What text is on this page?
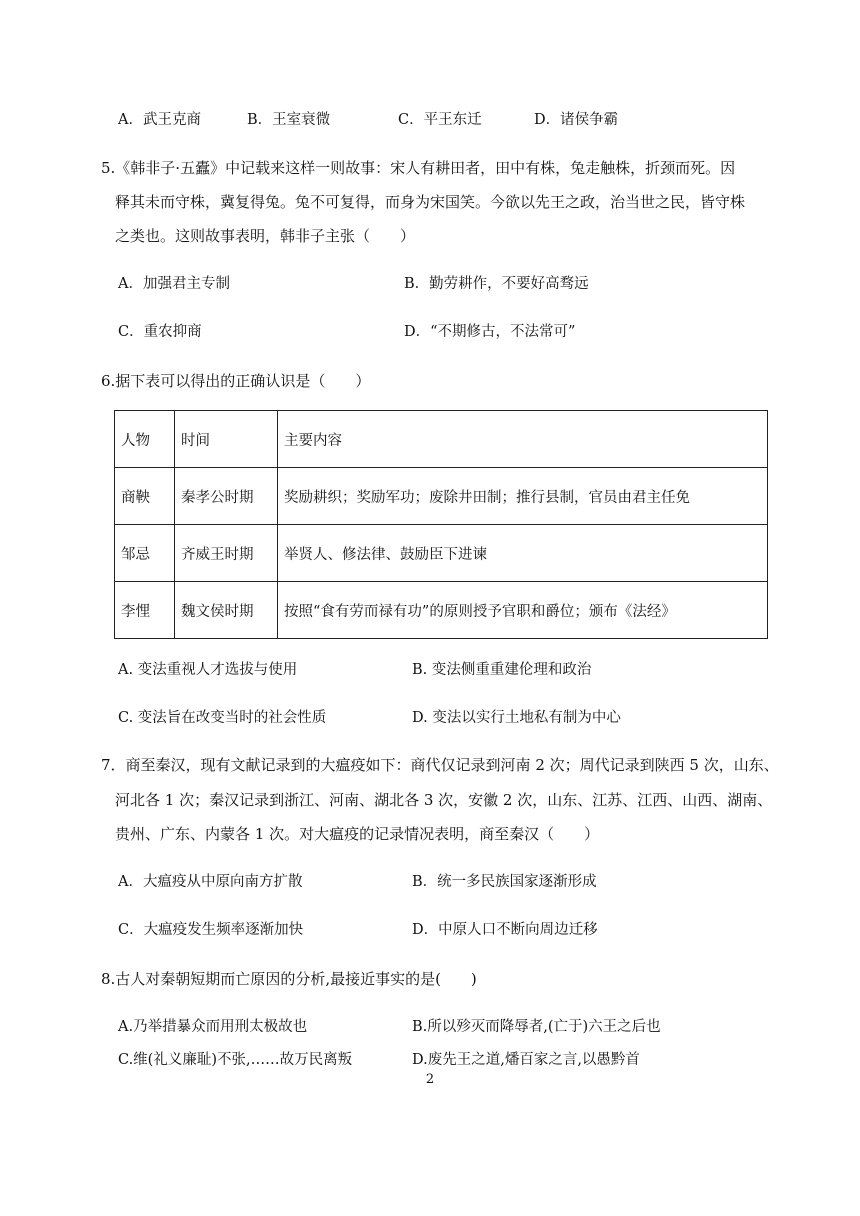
A．武王克商	B．王室衰微	C．平王东迁	D．诸侯争霸
5.《韩非子·五蠹》中记载来这样一则故事：宋人有耕田者，田中有株，兔走触株，折颈而死。因
释其未而守株，冀复得兔。兔不可复得，而身为宋国笑。今欲以先王之政，治当世之民，皆守株
之类也。这则故事表明，韩非子主张（　　）
A．加强君主专制	B．勤劳耕作，不要好高骛远
C．重农抑商	D．“不期修古，不法常可”
6.据下表可以得出的正确认识是（　　）
人物	时间	主要内容
商鞅	秦孝公时期	奖励耕织；奖励军功；废除井田制；推行县制，官员由君主任免
邹忌	齐威王时期	举贤人、修法律、鼓励臣下进谏
李悝	魏文侯时期	按照“食有劳而禄有功”的原则授予官职和爵位；颁布《法经》
A. 变法重视人才选拔与使用	B. 变法侧重重建伦理和政治
C. 变法旨在改变当时的社会性质	D. 变法以实行土地私有制为中心
7．商至秦汉，现有文献记录到的大瘟疫如下：商代仅记录到河南 2 次；周代记录到陕西 5 次，山东、
河北各 1 次；秦汉记录到浙江、河南、湖北各 3 次，安徽 2 次，山东、江苏、江西、山西、湖南、
贵州、广东、内蒙各 1 次。对大瘟疫的记录情况表明，商至秦汉（　　）
A．大瘟疫从中原向南方扩散	B．统一多民族国家逐渐形成
C．大瘟疫发生频率逐渐加快	D．中原人口不断向周边迁移
8.古人对秦朝短期而亡原因的分析,最接近事实的是(　　)
A.乃举措暴众而用刑太极故也	B.所以殄灭而降辱者,(亡于)六王之后也
C.维(礼义廉耻)不张,……故万民离叛	D.废先王之道,燔百家之言,以愚黔首
2
